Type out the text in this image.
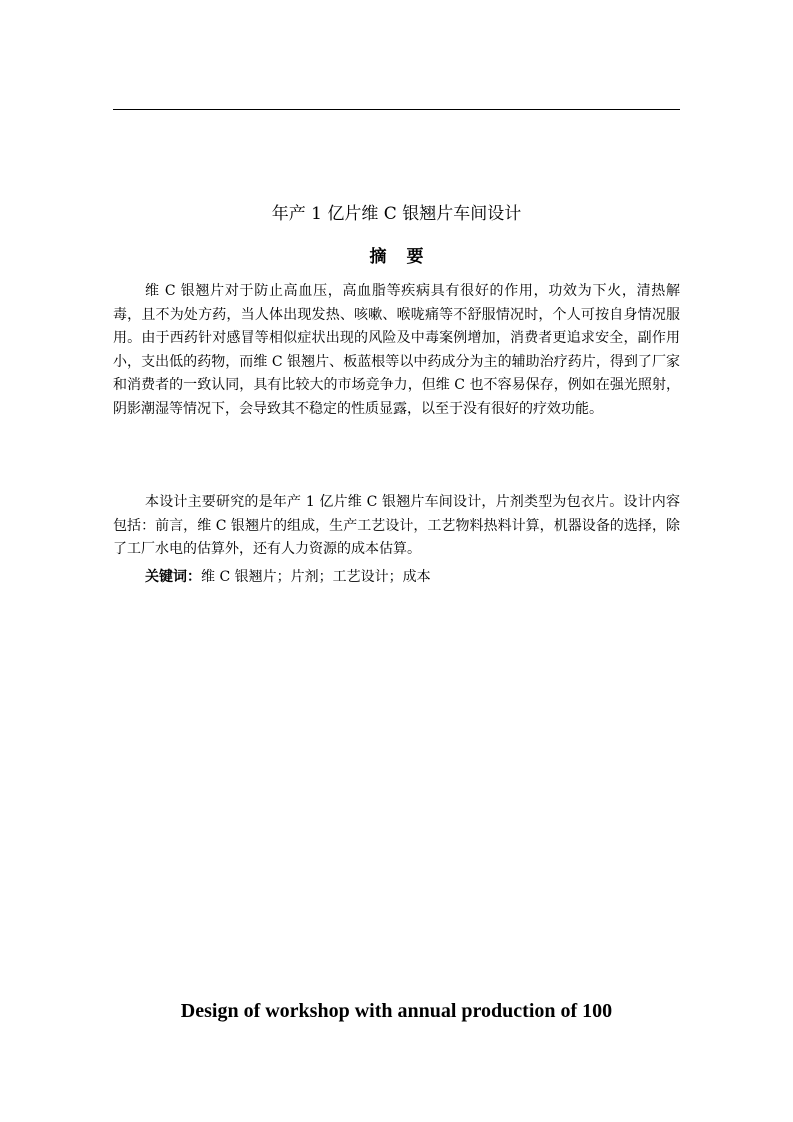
年产 1 亿片维 C 银翘片车间设计
摘要

维 C 银翘片对于防止高血压，高血脂等疾病具有很好的作用，功效为下火，清热解毒，且不为处方药，当人体出现发热、咳嗽、喉咙痛等不舒服情况时，个人可按自身情况服用。由于西药针对感冒等相似症状出现的风险及中毒案例增加，消费者更追求安全，副作用小，支出低的药物，而维 C 银翘片、板蓝根等以中药成分为主的辅助治疗药片，得到了厂家和消费者的一致认同，具有比较大的市场竞争力，但维 C 也不容易保存，例如在强光照射，阴影潮湿等情况下，会导致其不稳定的性质显露，以至于没有很好的疗效功能。

本设计主要研究的是年产 1 亿片维 C 银翘片车间设计，片剂类型为包衣片。设计内容包括：前言，维 C 银翘片的组成，生产工艺设计，工艺物料热料计算，机器设备的选择，除了工厂水电的估算外，还有人力资源的成本估算。

关键词：维 C 银翘片；片剂；工艺设计；成本
Design of workshop with annual production of 100
